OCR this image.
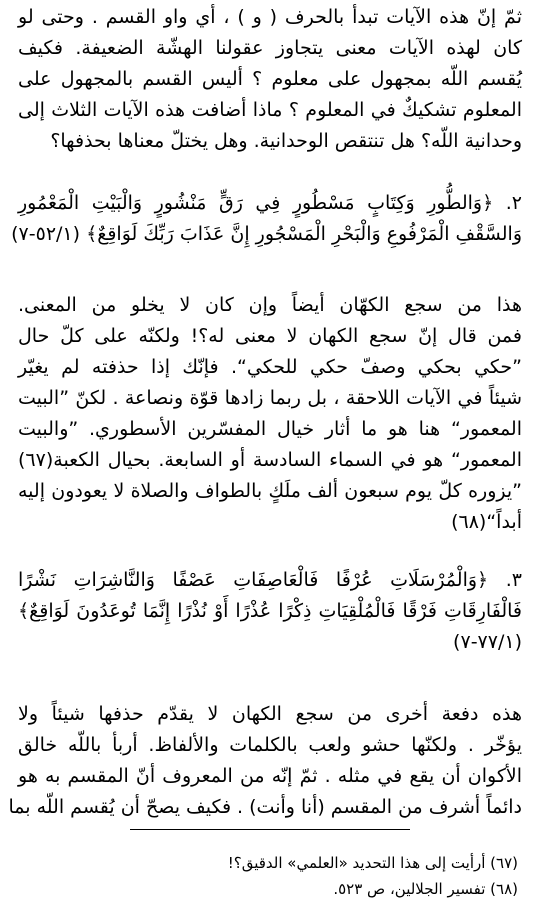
ثمّ إنّ هذه الآيات تبدأ بالحرف ( و ) ، أي واو القسم . وحتى لو
كان لهذه الآيات معنى يتجاوز عقولنا الهشّة الضعيفة. فكيف
يُقسم اللّه بمجهول على معلوم ؟ أليس القسم بالمجهول على
المعلوم تشكيكٌ في المعلوم ؟ ماذا أضافت هذه الآيات الثلاث إلى
وحدانية اللّه؟ هل تنتقص الوحدانية. وهل يختلّ معناها بحذفها؟
٢. ﴿وَالطُّورِ وَكِتَابٍ مَسْطُورٍ فِي رَقٍّ مَنْشُورٍ وَالْبَيْتِ الْمَعْمُورِ
وَالسَّقْفِ الْمَرْفُوعِ وَالْبَحْرِ الْمَسْجُورِ إِنَّ عَذَابَ رَبِّكَ لَوَاقِعٌ﴾ (٥٢/١-٧)
هذا من سجع الكهّان أيضاً وإن كان لا يخلو من المعنى.
فمن قال إنّ سجع الكهان لا معنى له؟! ولكنّه على كلّ حال
”حكي بحكي وصفّ حكي للحكي“. فإنّك إذا حذفته لم يغيّر
شيئاً في الآيات اللاحقة ، بل ربما زادها قوّة ونصاعة . لكنّ ”البيت
المعمور“ هنا هو ما أثار خيال المفسّرين الأسطوري. ”والبيت
المعمور“ هو في السماء السادسة أو السابعة. بحيال الكعبة(٦٧)
”يزوره كلّ يوم سبعون ألف ملَكٍ بالطواف والصلاة لا يعودون إليه
أبداً“(٦٨)
٣. ﴿وَالْمُرْسَلَاتِ عُرْفًا فَالْعَاصِفَاتِ عَصْفًا وَالنَّاشِرَاتِ نَشْرًا
فَالْفَارِقَاتِ فَرْقًا فَالْمُلْقِيَاتِ ذِكْرًا عُذْرًا أَوْ نُذْرًا إِنَّمَا تُوعَدُونَ لَوَاقِعٌ﴾
(٧٧/١-٧)
هذه دفعة أخرى من سجع الكهان لا يقدّم حذفها شيئاً ولا
يؤخّر . ولكنّها حشو ولعب بالكلمات والألفاظ. أربأ باللّه خالق
الأكوان أن يقع في مثله . ثمّ إنّه من المعروف أنّ المقسم به هو
دائماً أشرف من المقسم (أنا وأنت) . فكيف يصحّ أن يُقسم اللّه بما
(٦٧) أرأيت إلى هذا التحديد «العلمي» الدقيق؟!
(٦٨) تفسير الجلالين، ص ٥٢٣.
